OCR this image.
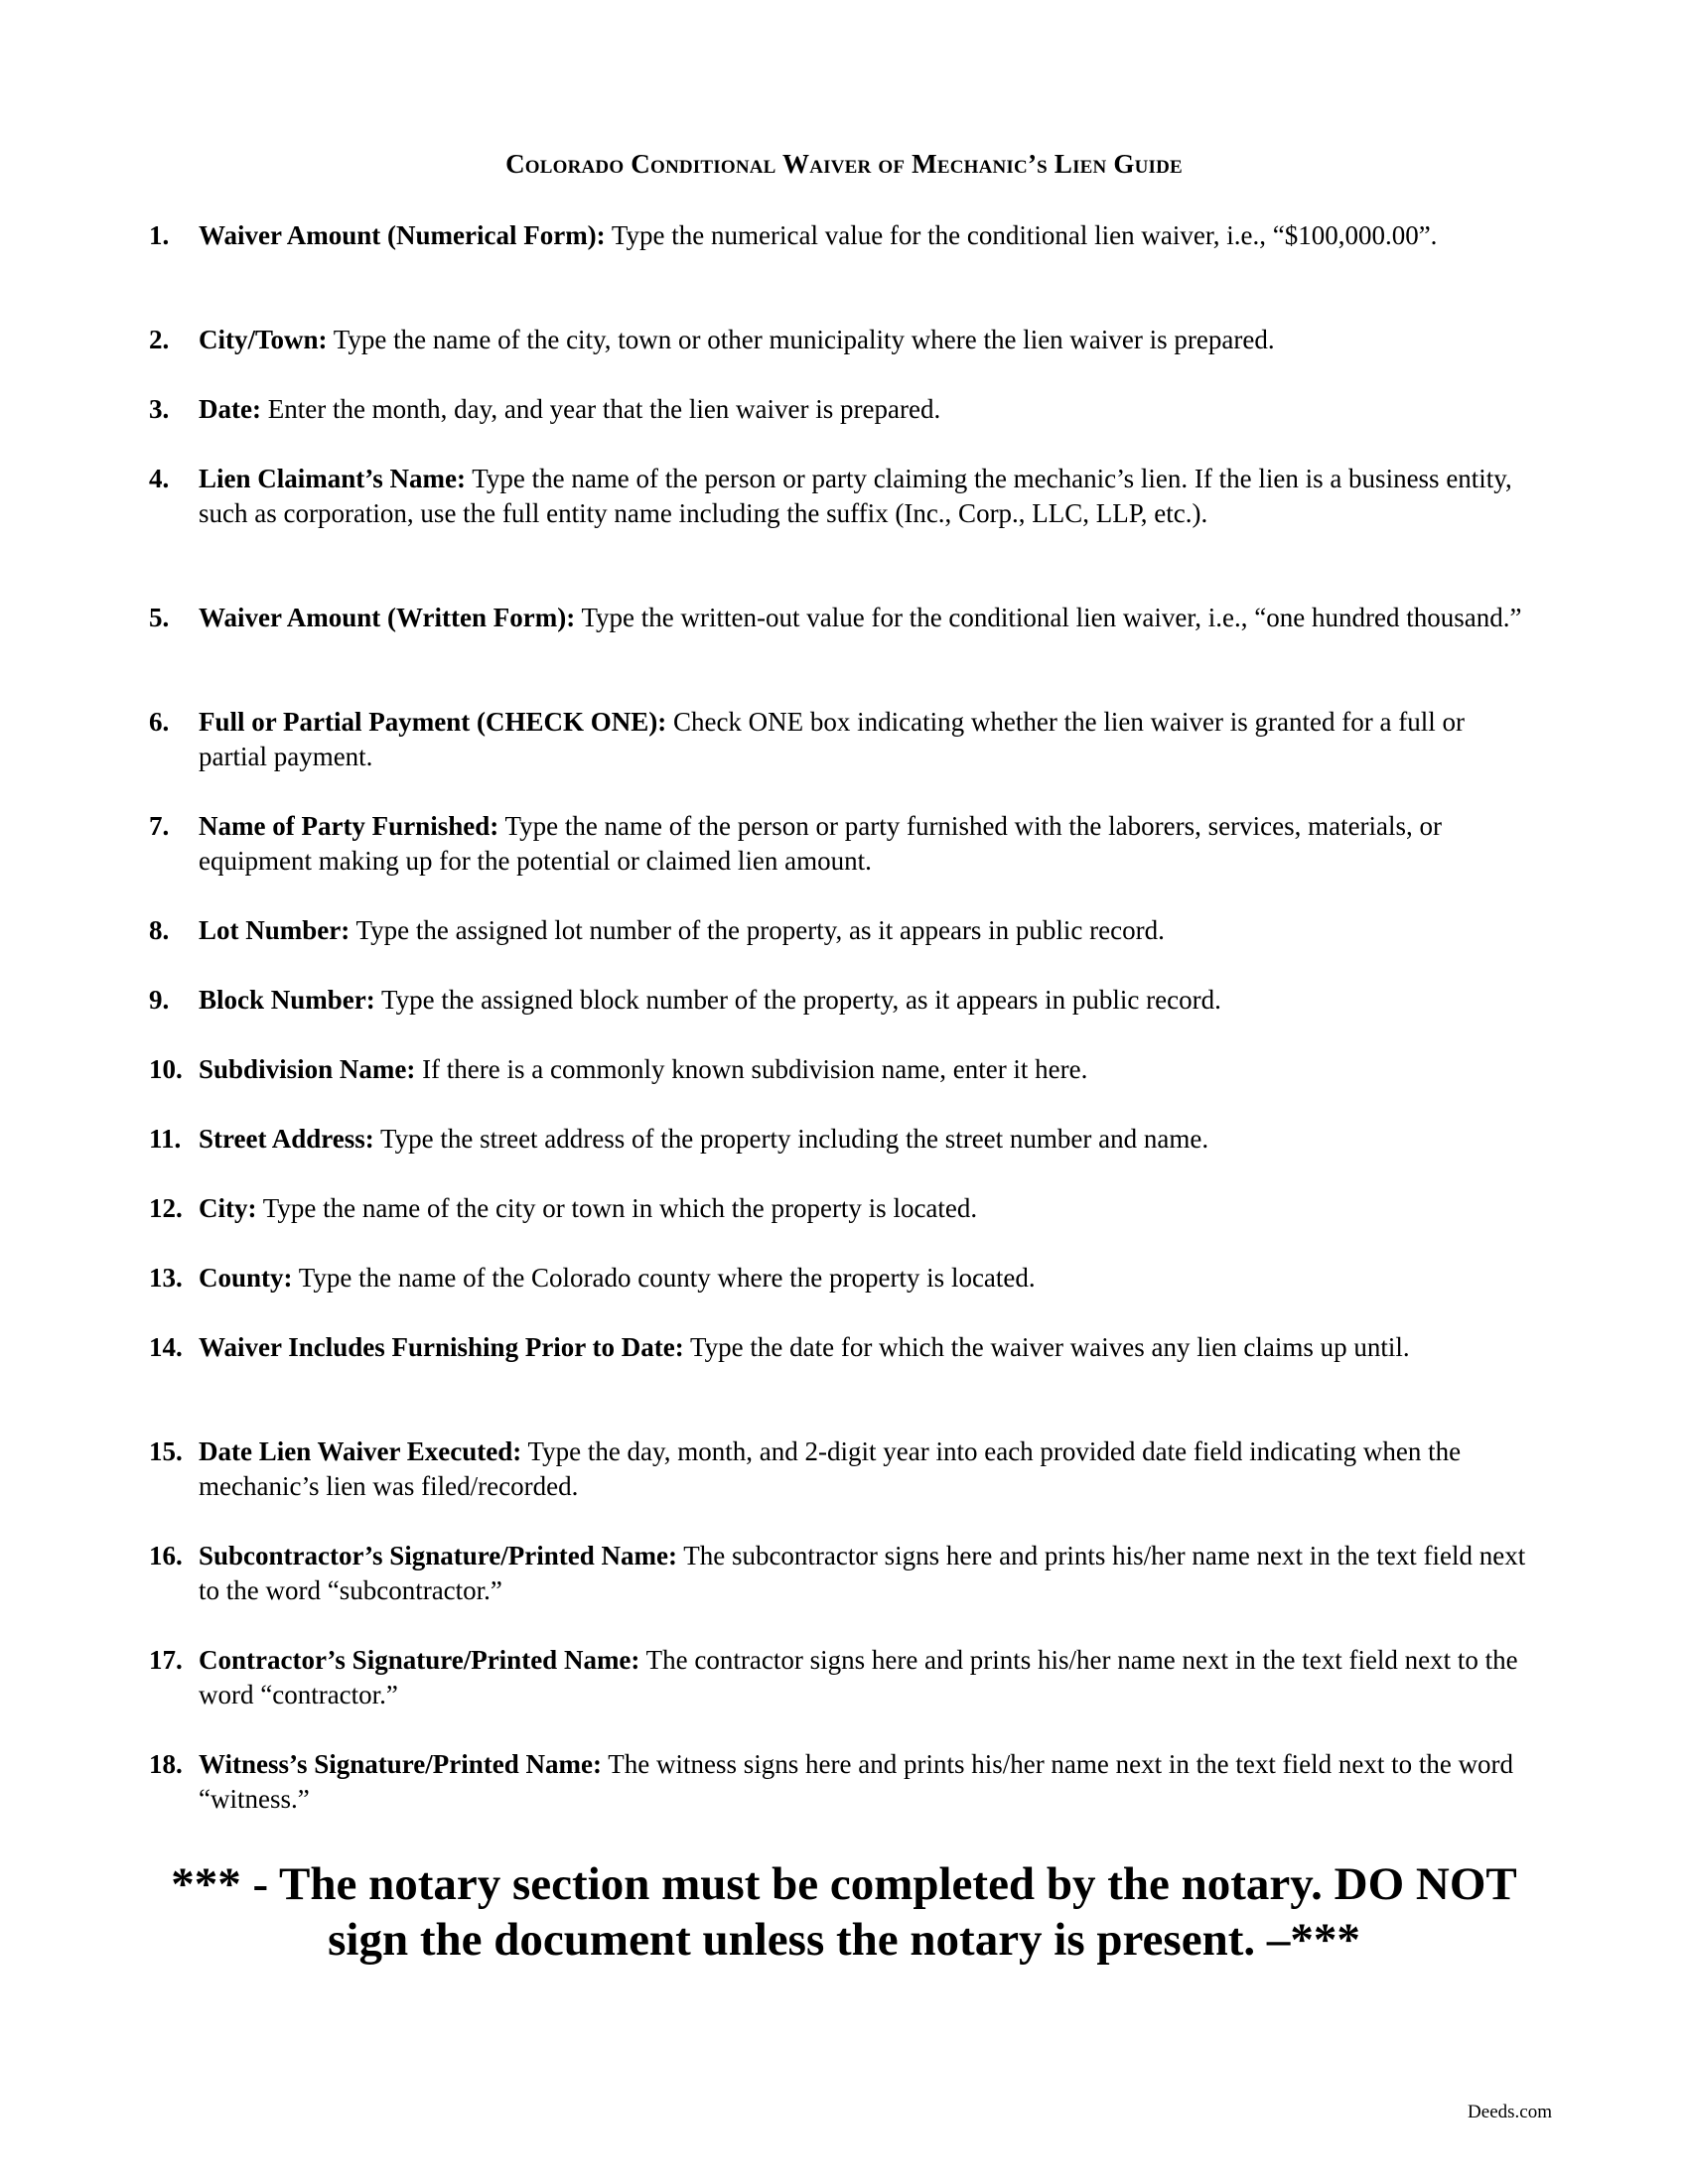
Colorado Conditional Waiver of Mechanic’s Lien Guide
1. Waiver Amount (Numerical Form): Type the numerical value for the conditional lien waiver, i.e., “$100,000.00”.
2. City/Town: Type the name of the city, town or other municipality where the lien waiver is prepared.
3. Date: Enter the month, day, and year that the lien waiver is prepared.
4. Lien Claimant’s Name: Type the name of the person or party claiming the mechanic’s lien. If the lien is a business entity, such as corporation, use the full entity name including the suffix (Inc., Corp., LLC, LLP, etc.).
5. Waiver Amount (Written Form): Type the written-out value for the conditional lien waiver, i.e., “one hundred thousand.”
6. Full or Partial Payment (CHECK ONE): Check ONE box indicating whether the lien waiver is granted for a full or partial payment.
7. Name of Party Furnished: Type the name of the person or party furnished with the laborers, services, materials, or equipment making up for the potential or claimed lien amount.
8. Lot Number: Type the assigned lot number of the property, as it appears in public record.
9. Block Number: Type the assigned block number of the property, as it appears in public record.
10. Subdivision Name: If there is a commonly known subdivision name, enter it here.
11. Street Address: Type the street address of the property including the street number and name.
12. City: Type the name of the city or town in which the property is located.
13. County: Type the name of the Colorado county where the property is located.
14. Waiver Includes Furnishing Prior to Date: Type the date for which the waiver waives any lien claims up until.
15. Date Lien Waiver Executed: Type the day, month, and 2-digit year into each provided date field indicating when the mechanic’s lien was filed/recorded.
16. Subcontractor’s Signature/Printed Name: The subcontractor signs here and prints his/her name next in the text field next to the word “subcontractor.”
17. Contractor’s Signature/Printed Name: The contractor signs here and prints his/her name next in the text field next to the word “contractor.”
18. Witness’s Signature/Printed Name: The witness signs here and prints his/her name next in the text field next to the word “witness.”
*** - The notary section must be completed by the notary. DO NOT sign the document unless the notary is present. –***
Deeds.com
